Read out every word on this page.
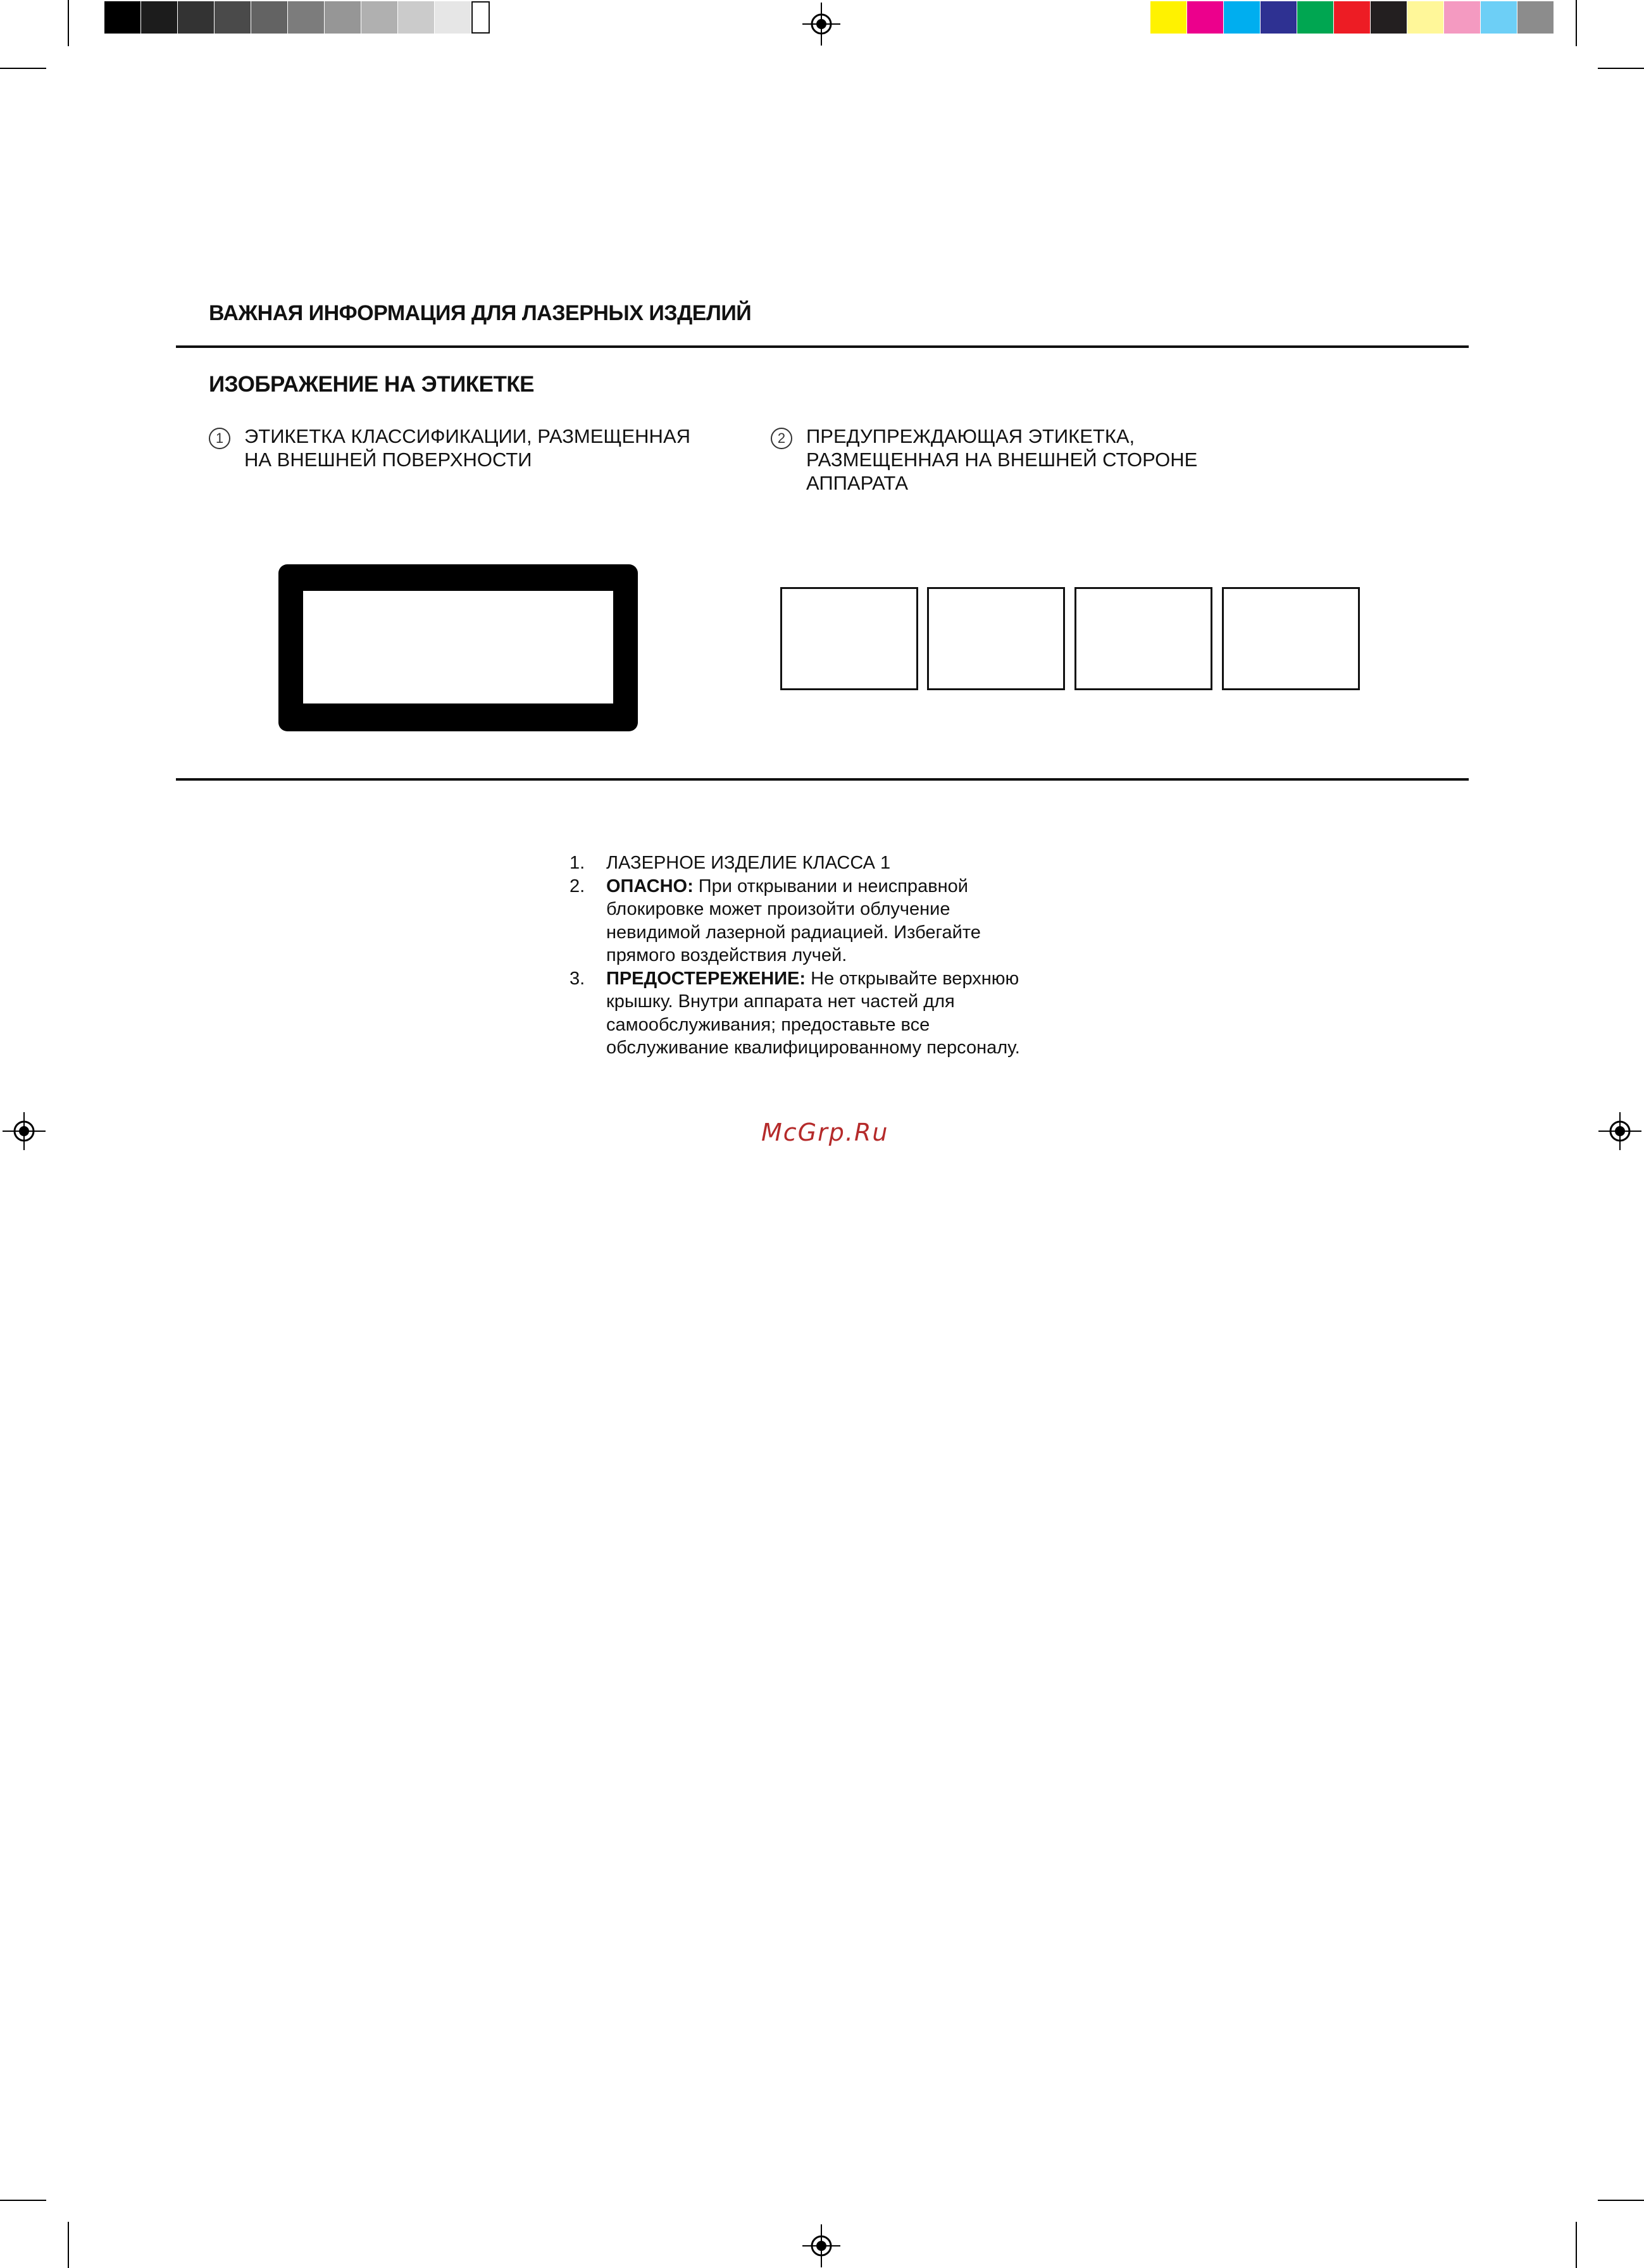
ВАЖНАЯ ИНФОРМАЦИЯ ДЛЯ ЛАЗЕРНЫХ ИЗДЕЛИЙ
ИЗОБРАЖЕНИЕ НА ЭТИКЕТКЕ
1	ЭТИКЕТКА КЛАССИФИКАЦИИ, РАЗМЕЩЕННАЯ
НА ВНЕШНЕЙ ПОВЕРХНОСТИ
2	ПРЕДУПРЕЖДАЮЩАЯ ЭТИКЕТКА,
РАЗМЕЩЕННАЯ НА ВНЕШНЕЙ СТОРОНЕ
АППАРАТА
1. ЛАЗЕРНОЕ ИЗДЕЛИЕ КЛАССА 1
2. ОПАСНО: При открывании и неисправной
блокировке может произойти облучение
невидимой лазерной радиацией. Избегайте
прямого воздействия лучей.
3. ПРЕДОСТЕРЕЖЕНИЕ: Не открывайте верхнюю
крышку. Внутри аппарата нет частей для
самообслуживания; предоставьте все
обслуживание квалифицированному персоналу.
McGrp.Ru
